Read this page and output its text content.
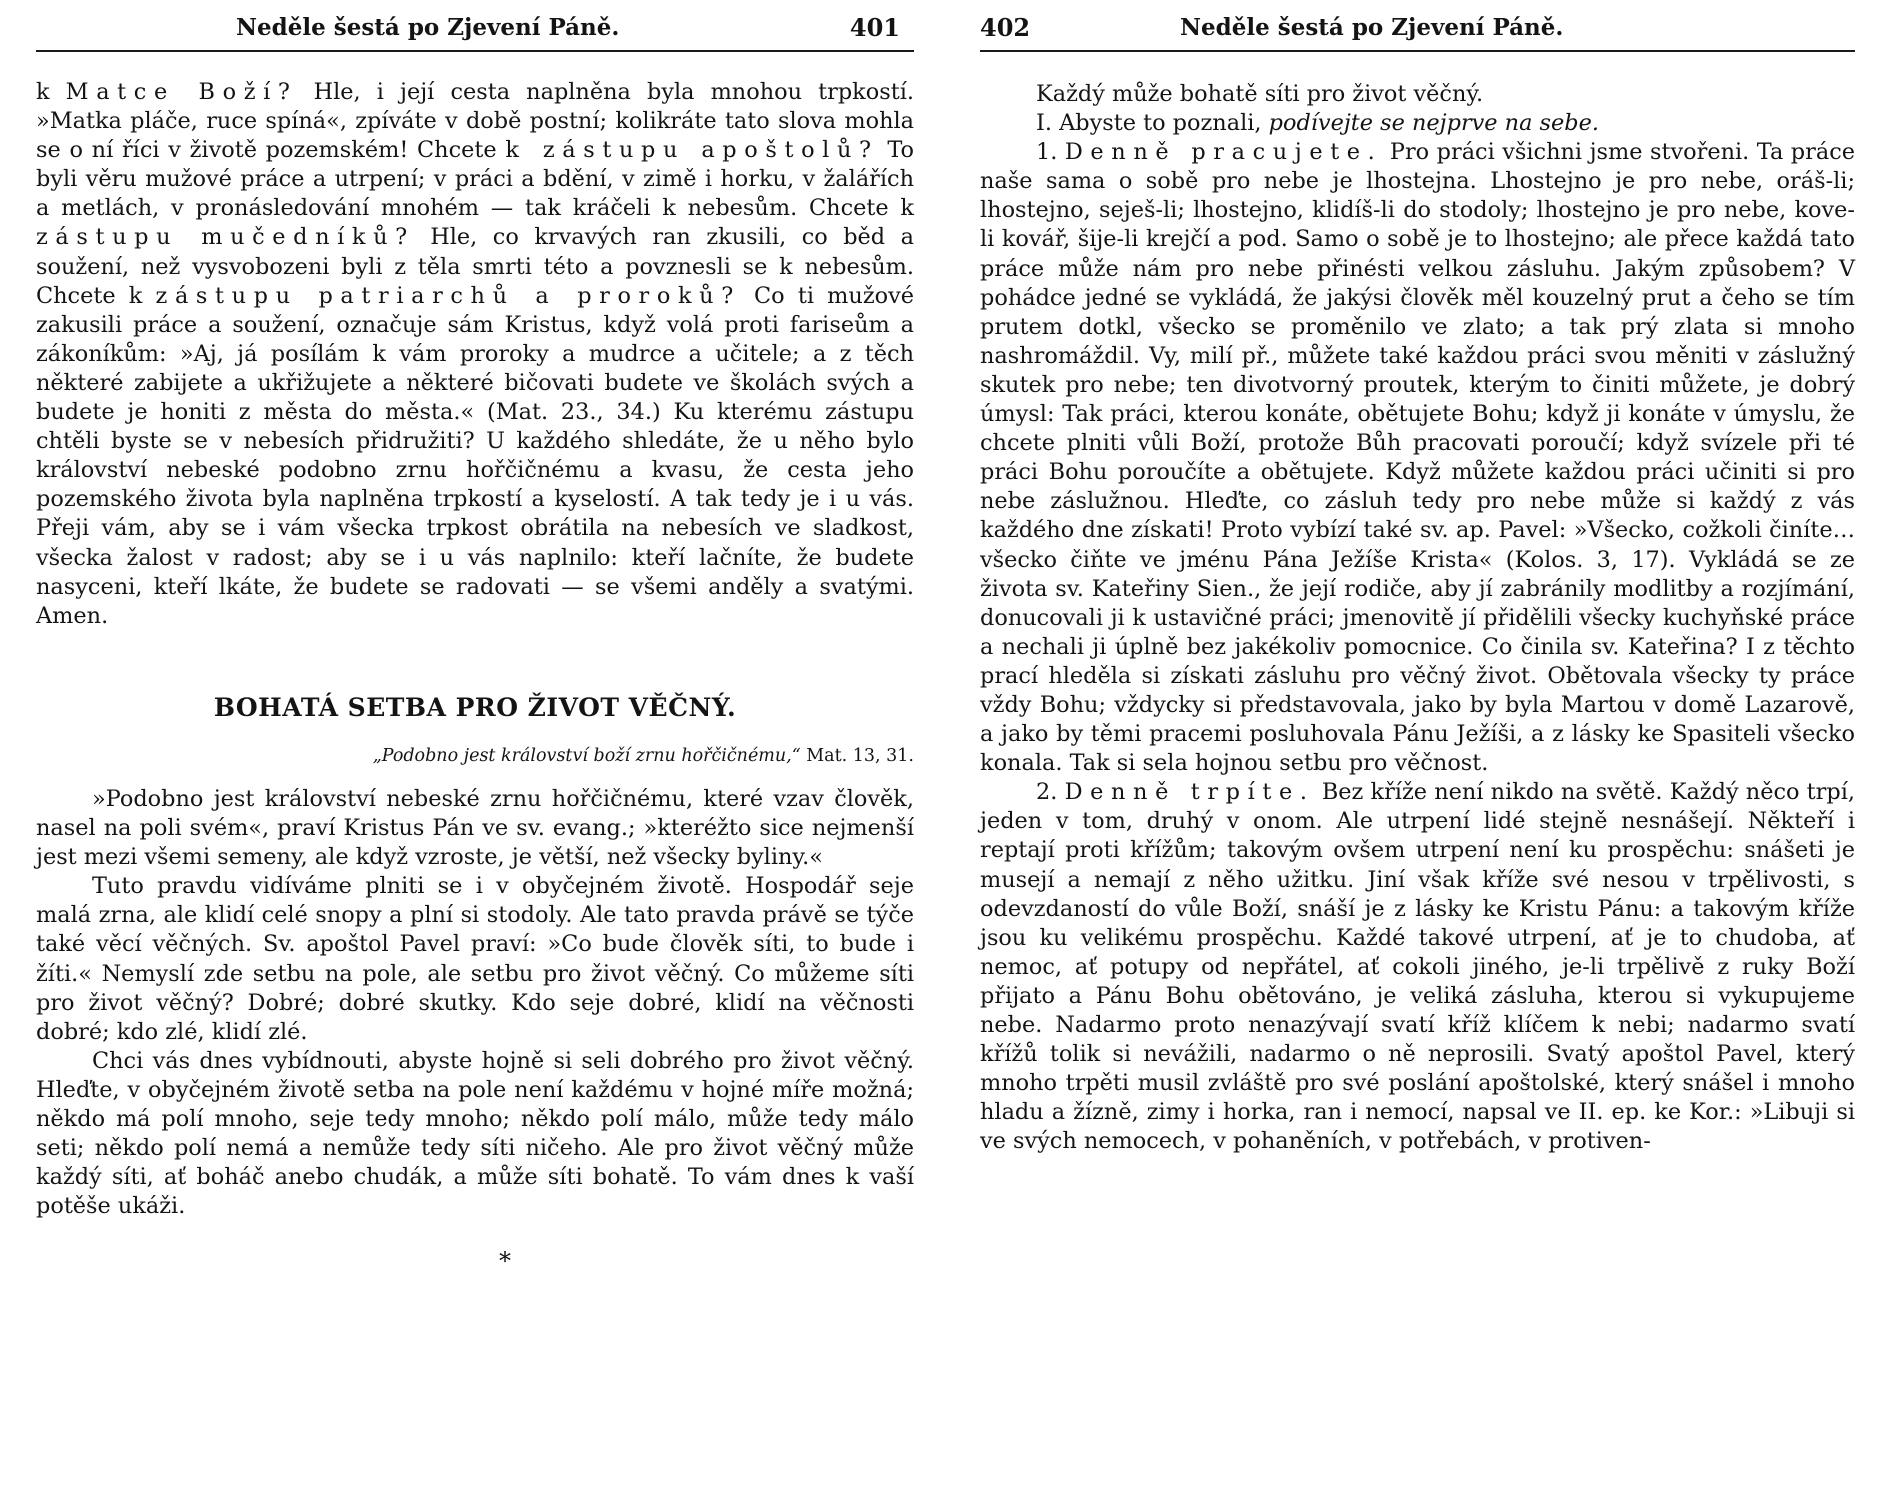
Neděle šestá po Zjevení Páně.	401

k Matce Boží? Hle, i její cesta naplněna byla mnohou trpkostí. »Matka pláče, ruce spíná«, zpíváte v době postní; kolikráte tato slova mohla se o ní říci v životě pozemském! Chcete k zástupu apoštolů? To byli věru mužové práce a utrpení; v práci a bdění, v zimě i horku, v žalářích a metlách, v pronásledování mnohém — tak kráčeli k nebesům. Chcete k zástupu mučedníků? Hle, co krvavých ran zkusili, co běd a soužení, než vysvobozeni byli z těla smrti této a povznesli se k nebesům. Chcete k zástupu patriarchů a proroků? Co ti mužové zakusili práce a soužení, označuje sám Kristus, když volá proti fariseům a zákoníkům: »Aj, já posílám k vám proroky a mudrce a učitele; a z těch některé zabijete a ukřižujete a některé bičovati budete ve školách svých a budete je honiti z města do města.« (Mat. 23., 34.) Ku kterému zástupu chtěli byste se v nebesích přidružiti? U každého shledáte, že u něho bylo království nebeské podobno zrnu hořčičnému a kvasu, že cesta jeho pozemského života byla naplněna trpkostí a kyselostí. A tak tedy je i u vás. Přeji vám, aby se i vám všecka trpkost obrátila na nebesích ve sladkost, všecka žalost v radost; aby se i u vás naplnilo: kteří lačníte, že budete nasyceni, kteří lkáte, že budete se radovati — se všemi anděly a svatými. Amen.

BOHATÁ SETBA PRO ŽIVOT VĚČNÝ.
„Podobno jest království boží zrnu hořčičnému,“ Mat. 13, 31.

»Podobno jest království nebeské zrnu hořčičnému, které vzav člověk, nasel na poli svém«, praví Kristus Pán ve sv. evang.; »kteréžto sice nejmenší jest mezi všemi semeny, ale když vzroste, je větší, než všecky byliny.«

Tuto pravdu vidíváme plniti se i v obyčejném životě. Hospodář seje malá zrna, ale klidí celé snopy a plní si stodoly. Ale tato pravda právě se týče také věcí věčných. Sv. apoštol Pavel praví: »Co bude člověk síti, to bude i žíti.« Nemyslí zde setbu na pole, ale setbu pro život věčný. Co můžeme síti pro život věčný? Dobré; dobré skutky. Kdo seje dobré, klidí na věčnosti dobré; kdo zlé, klidí zlé.

Chci vás dnes vybídnouti, abyste hojně si seli dobrého pro život věčný. Hleďte, v obyčejném životě setba na pole není každému v hojné míře možná; někdo má polí mnoho, seje tedy mnoho; někdo polí málo, může tedy málo seti; někdo polí nemá a nemůže tedy síti ničeho. Ale pro život věčný může každý síti, ať boháč anebo chudák, a může síti bohatě. To vám dnes k vaší potěše ukáži.

*
402	Neděle šestá po Zjevení Páně.

Každý může bohatě síti pro život věčný.

I. Abyste to poznali, podívejte se nejprve na sebe.

1. Denně pracujete. Pro práci všichni jsme stvořeni. Ta práce naše sama o sobě pro nebe je lhostejna. Lhostejno je pro nebe, oráš-li; lhostejno, seješ-li; lhostejno, klidíš-li do stodoly; lhostejno je pro nebe, kove-li kovář, šije-li krejčí a pod. Samo o sobě je to lhostejno; ale přece každá tato práce může nám pro nebe přinésti velkou zásluhu. Jakým způsobem? V pohádce jedné se vykládá, že jakýsi člověk měl kouzelný prut a čeho se tím prutem dotkl, všecko se proměnilo ve zlato; a tak prý zlata si mnoho nashromáždil. Vy, milí př., můžete také každou práci svou měniti v záslužný skutek pro nebe; ten divotvorný proutek, kterým to činiti můžete, je dobrý úmysl: Tak práci, kterou konáte, obětujete Bohu; když ji konáte v úmyslu, že chcete plniti vůli Boží, protože Bůh pracovati poroučí; když svízele při té práci Bohu poroučíte a obětujete. Když můžete každou práci učiniti si pro nebe záslužnou. Hleďte, co zásluh tedy pro nebe může si každý z vás každého dne získati! Proto vybízí také sv. ap. Pavel: »Všecko, cožkoli činíte… všecko čiňte ve jménu Pána Ježíše Krista« (Kolos. 3, 17). Vykládá se ze života sv. Kateřiny Sien., že její rodiče, aby jí zabránily modlitby a rozjímání, donucovali ji k ustavičné práci; jmenovitě jí přidělili všecky kuchyňské práce a nechali ji úplně bez jakékoliv pomocnice. Co činila sv. Kateřina? I z těchto prací hleděla si získati zásluhu pro věčný život. Obětovala všecky ty práce vždy Bohu; vždycky si představovala, jako by byla Martou v domě Lazarově, a jako by těmi pracemi posluhovala Pánu Ježíši, a z lásky ke Spasiteli všecko konala. Tak si sela hojnou setbu pro věčnost.

2. Denně trpíte. Bez kříže není nikdo na světě. Každý něco trpí, jeden v tom, druhý v onom. Ale utrpení lidé stejně nesnášejí. Někteří i reptají proti křížům; takovým ovšem utrpení není ku prospěchu: snášeti je musejí a nemají z něho užitku. Jiní však kříže své nesou v trpělivosti, s odevzdaností do vůle Boží, snáší je z lásky ke Kristu Pánu: a takovým kříže jsou ku velikému prospěchu. Každé takové utrpení, ať je to chudoba, ať nemoc, ať potupy od nepřátel, ať cokoli jiného, je-li trpělivě z ruky Boží přijato a Pánu Bohu obětováno, je veliká zásluha, kterou si vykupujeme nebe. Nadarmo proto nenazývají svatí kříž klíčem k nebi; nadarmo svatí křížů tolik si nevážili, nadarmo o ně neprosili. Svatý apoštol Pavel, který mnoho trpěti musil zvláště pro své poslání apoštolské, který snášel i mnoho hladu a žízně, zimy i horka, ran i nemocí, napsal ve II. ep. ke Kor.: »Libuji si ve svých nemocech, v pohaněních, v potřebách, v protiven-
